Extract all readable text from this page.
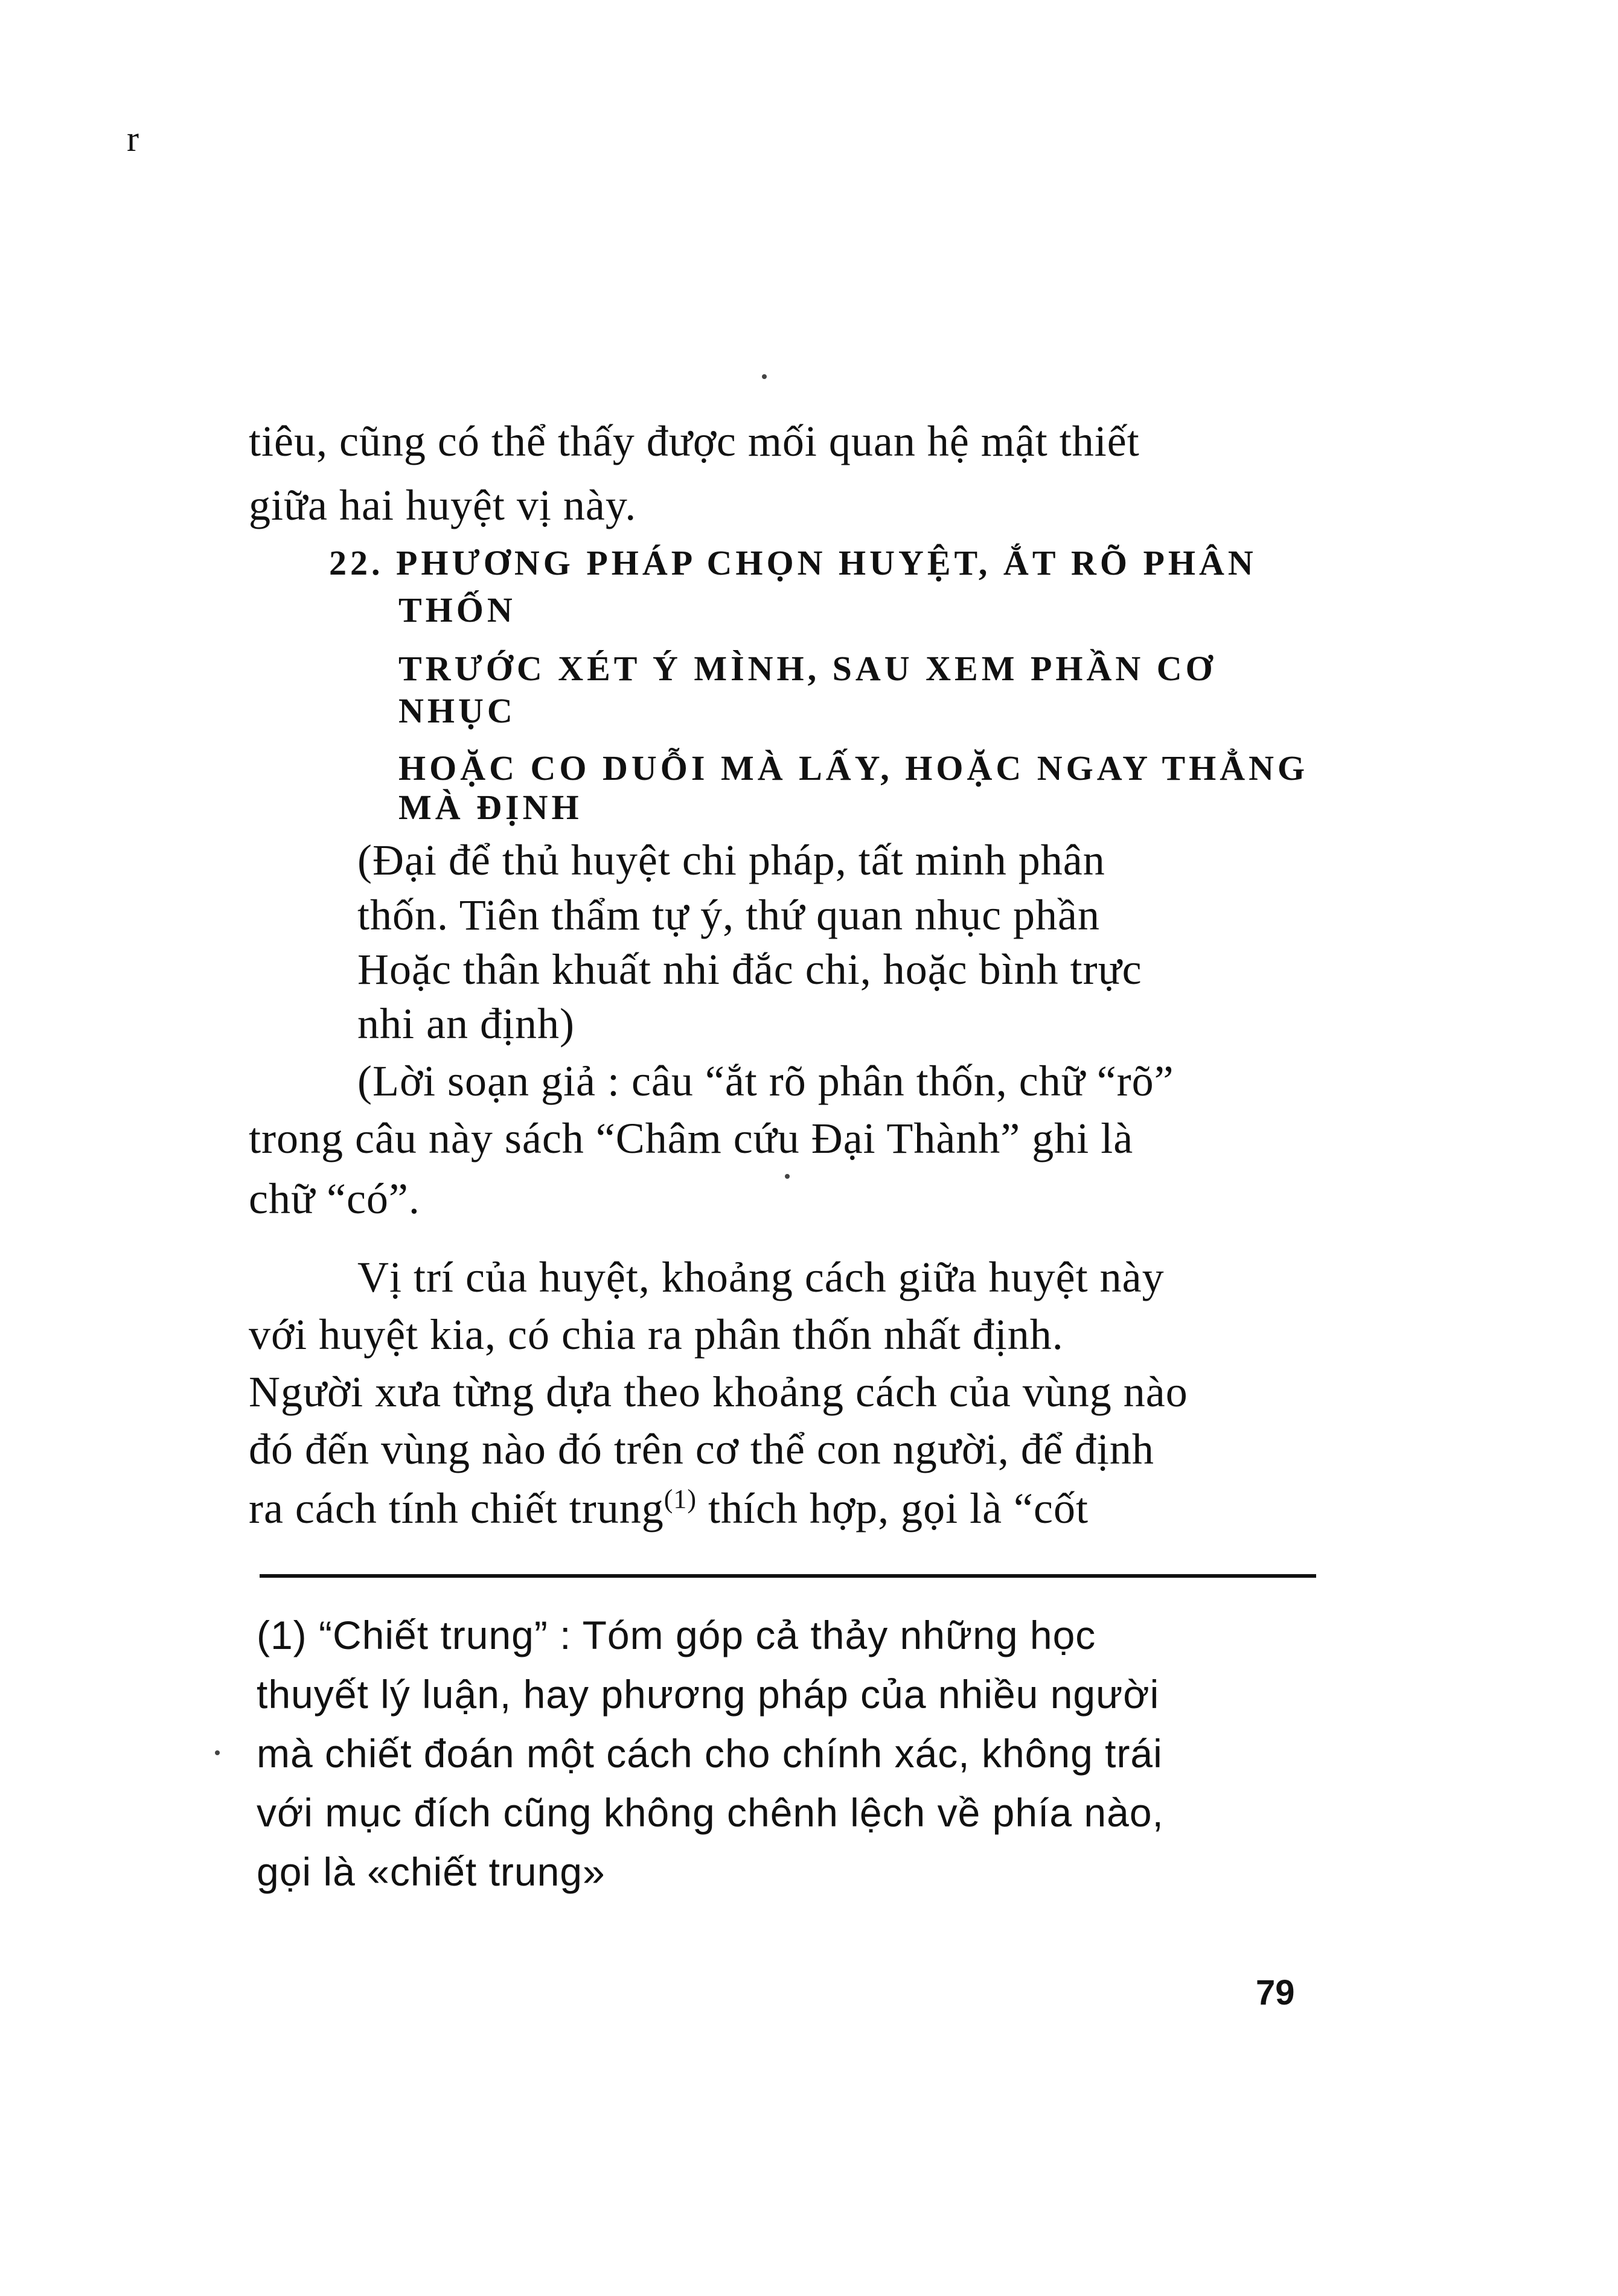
r
tiêu, cũng có thể thấy được mối quan hệ mật thiết
giữa hai huyệt vị này.
22. PHƯƠNG PHÁP CHỌN HUYỆT, ẮT RÕ PHÂN
THỐN
TRƯỚC XÉT Ý MÌNH, SAU XEM PHẦN CƠ
NHỤC
HOẶC CO DUỖI MÀ LẤY, HOẶC NGAY THẲNG
MÀ ĐỊNH
(Đại để thủ huyệt chi pháp, tất minh phân
thốn. Tiên thẩm tự ý, thứ quan nhục phần
Hoặc thân khuất nhi đắc chi, hoặc bình trực
nhi an định)
(Lời soạn giả : câu “ắt rõ phân thốn, chữ “rõ”
trong câu này sách “Châm cứu Đại Thành” ghi là
chữ “có”.
Vị trí của huyệt, khoảng cách giữa huyệt này
với huyệt kia, có chia ra phân thốn nhất định.
Người xưa từng dựa theo khoảng cách của vùng nào
đó đến vùng nào đó trên cơ thể con người, để định
ra cách tính chiết trung$^{(1)}$ thích hợp, gọi là “cốt
(1) “Chiết trung” : Tóm góp cả thảy những học
thuyết lý luận, hay phương pháp của nhiều người
mà chiết đoán một cách cho chính xác, không trái
với mục đích cũng không chênh lệch về phía nào,
gọi là «chiết trung»
79
